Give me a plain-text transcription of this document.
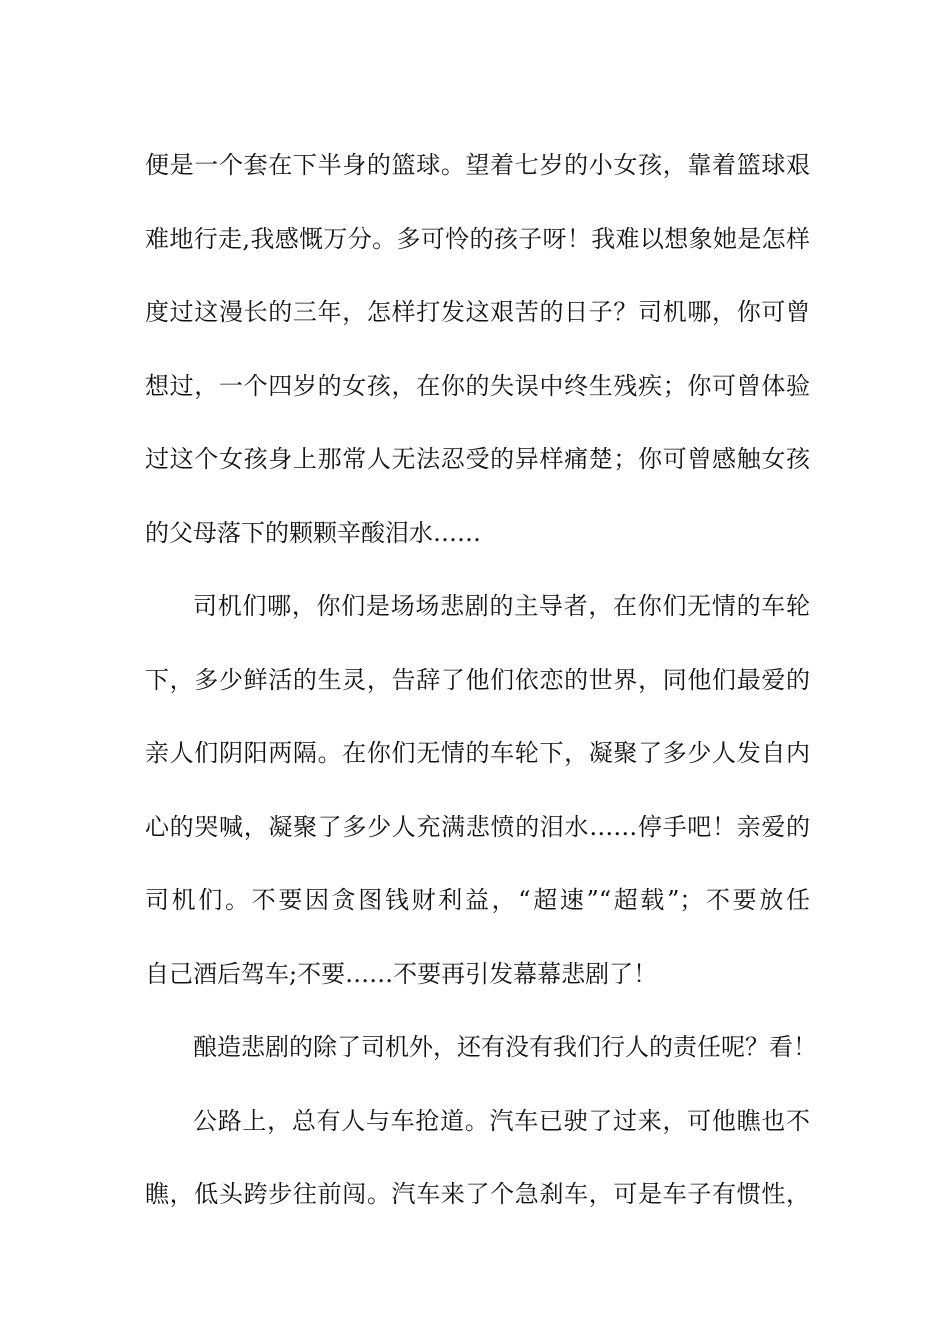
便是一个套在下半身的篮球。望着七岁的小女孩，靠着篮球艰
难地行走,我感慨万分。多可怜的孩子呀！我难以想象她是怎样
度过这漫长的三年，怎样打发这艰苦的日子？司机哪，你可曾
想过，一个四岁的女孩，在你的失误中终生残疾；你可曾体验
过这个女孩身上那常人无法忍受的异样痛楚；你可曾感触女孩
的父母落下的颗颗辛酸泪水……
司机们哪，你们是场场悲剧的主导者，在你们无情的车轮
下，多少鲜活的生灵，告辞了他们依恋的世界，同他们最爱的
亲人们阴阳两隔。在你们无情的车轮下，凝聚了多少人发自内
心的哭喊，凝聚了多少人充满悲愤的泪水……停手吧！亲爱的
司机们。不要因贪图钱财利益，“超速”“超载”；不要放任
自己酒后驾车;不要……不要再引发幕幕悲剧了！
酿造悲剧的除了司机外，还有没有我们行人的责任呢？看！
公路上，总有人与车抢道。汽车已驶了过来，可他瞧也不
瞧，低头跨步往前闯。汽车来了个急刹车，可是车子有惯性，
